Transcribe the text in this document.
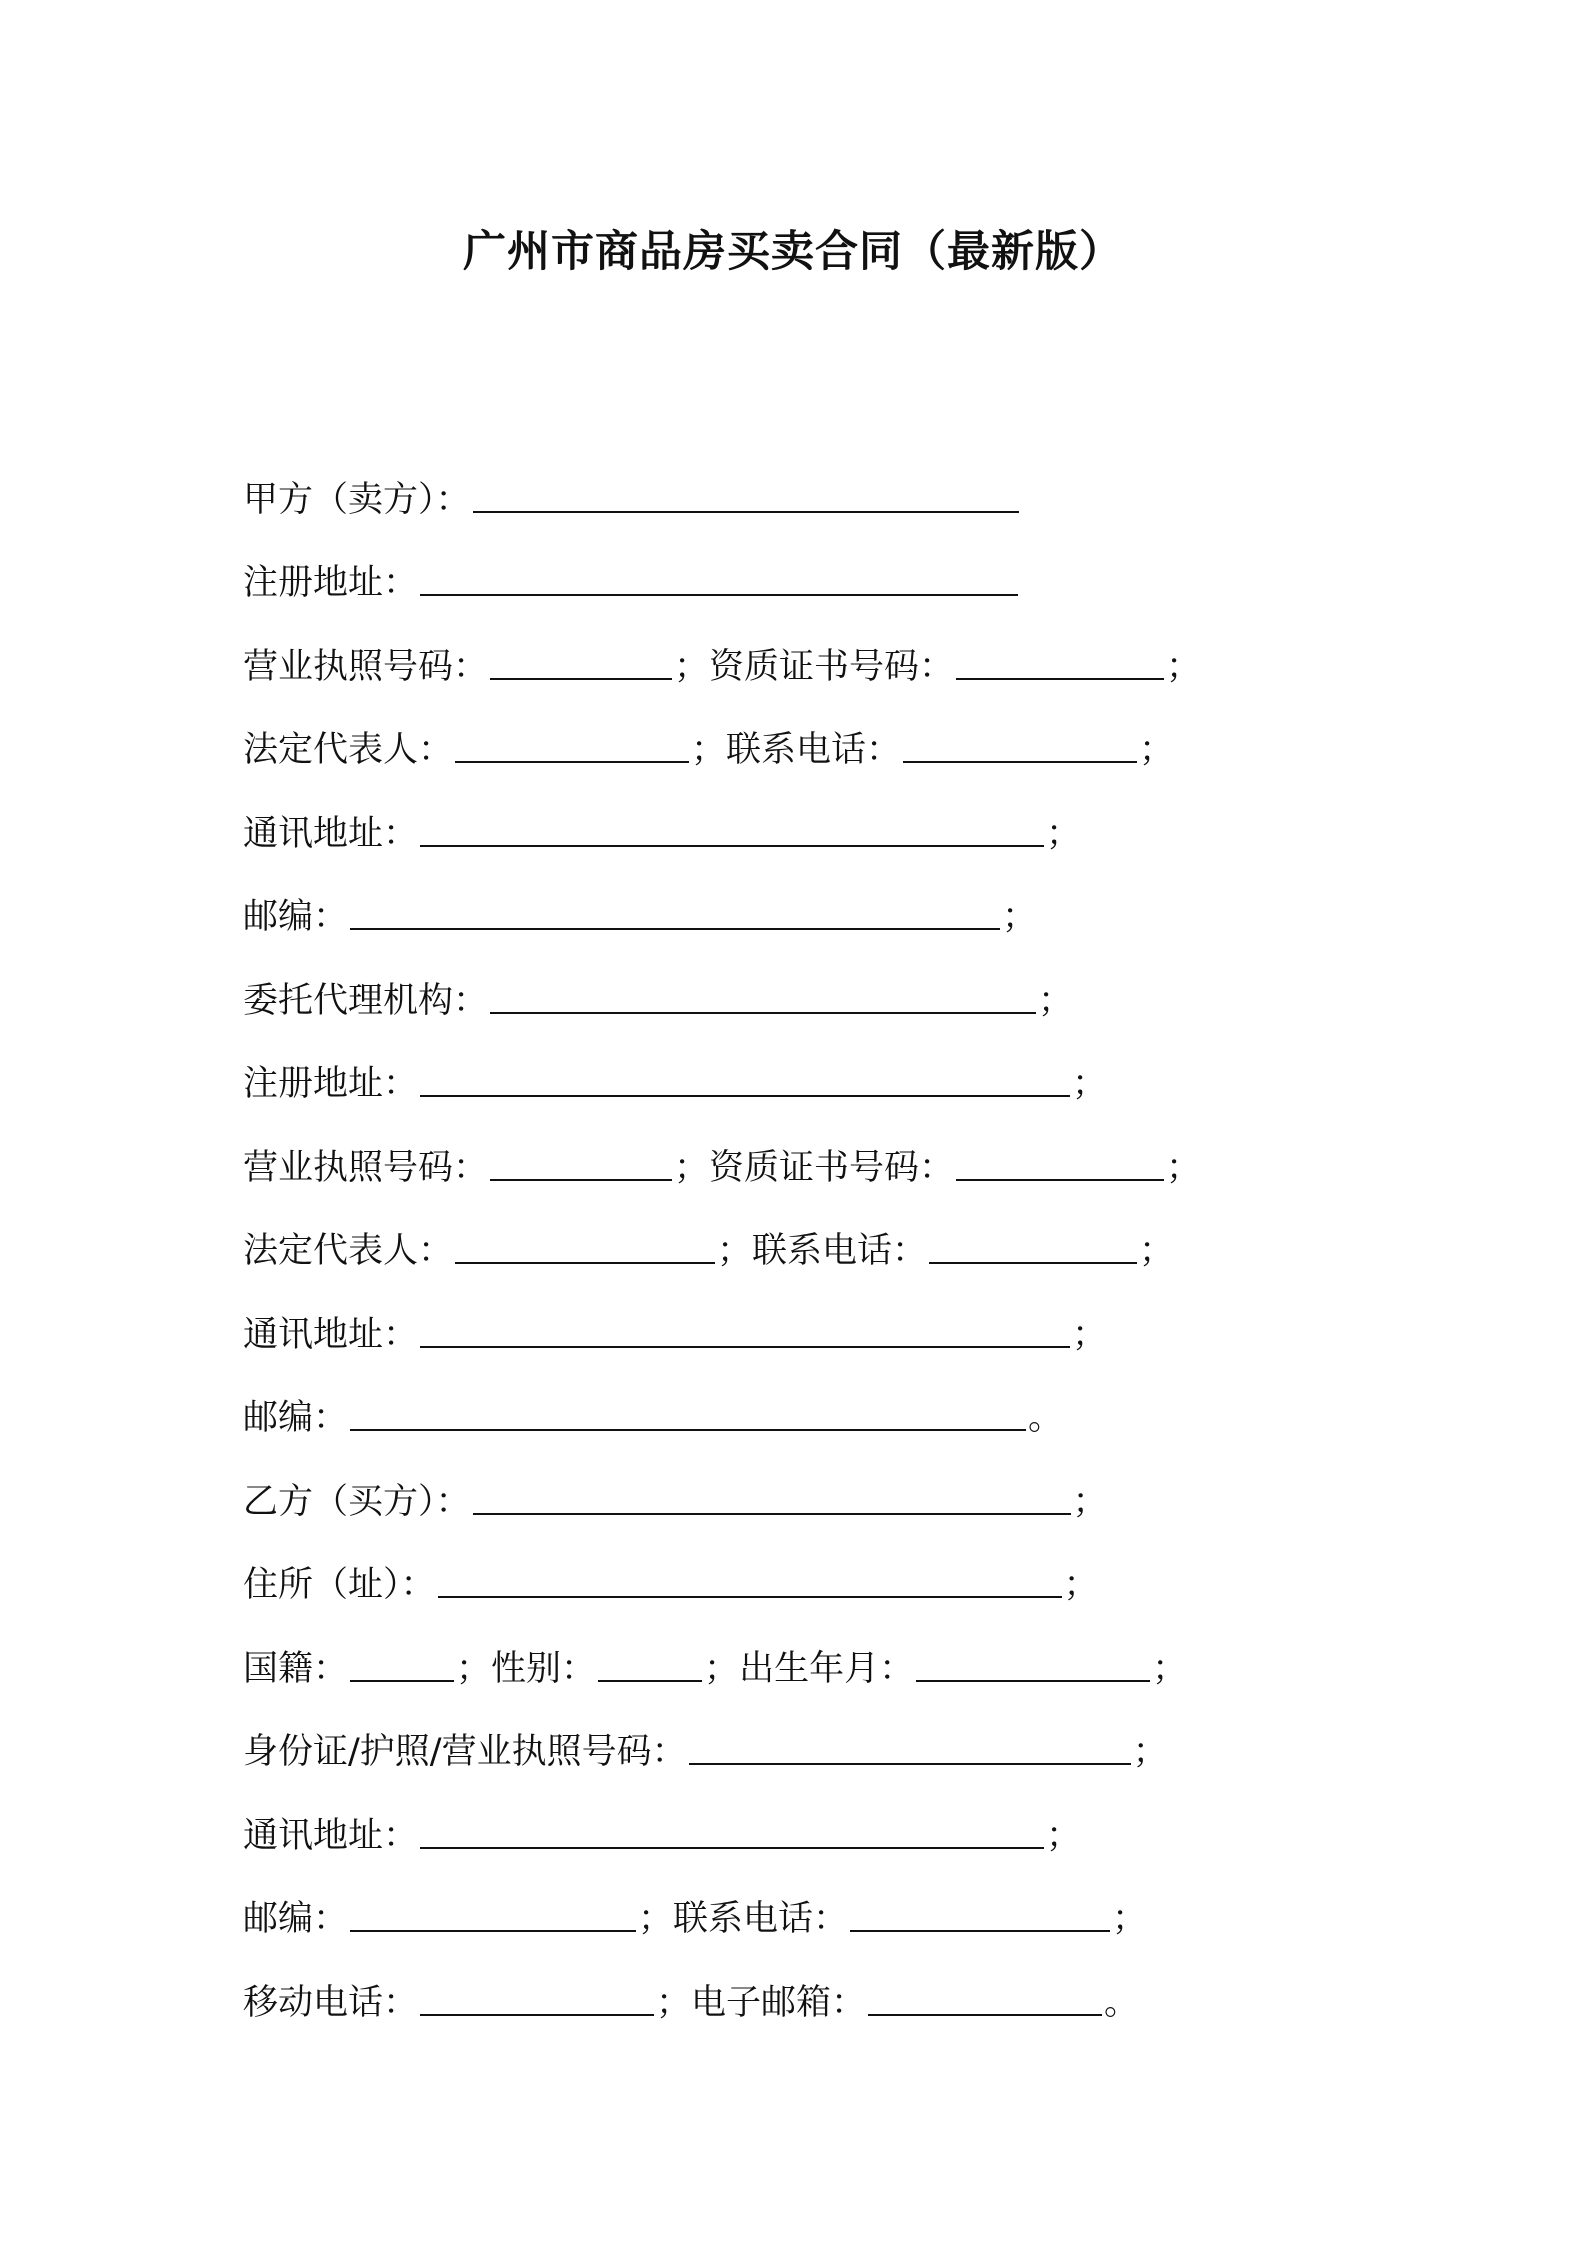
广州市商品房买卖合同（最新版）
甲方（卖方）：
注册地址：
营业执照号码：	； 资质证书号码：	；
法定代表人：	； 联系电话：	；
通讯地址：	；
邮编：	；
委托代理机构：	；
注册地址：	；
营业执照号码：	； 资质证书号码：	；
法定代表人：	； 联系电话：	；
通讯地址：	；
邮编：	。
乙方（买方）：	；
住所（址）：	；
国籍：	； 性别：	； 出生年月：	；
身份证/护照/营业执照号码：	；
通讯地址：	；
邮编：	； 联系电话：	；
移动电话：	； 电子邮箱：	。
